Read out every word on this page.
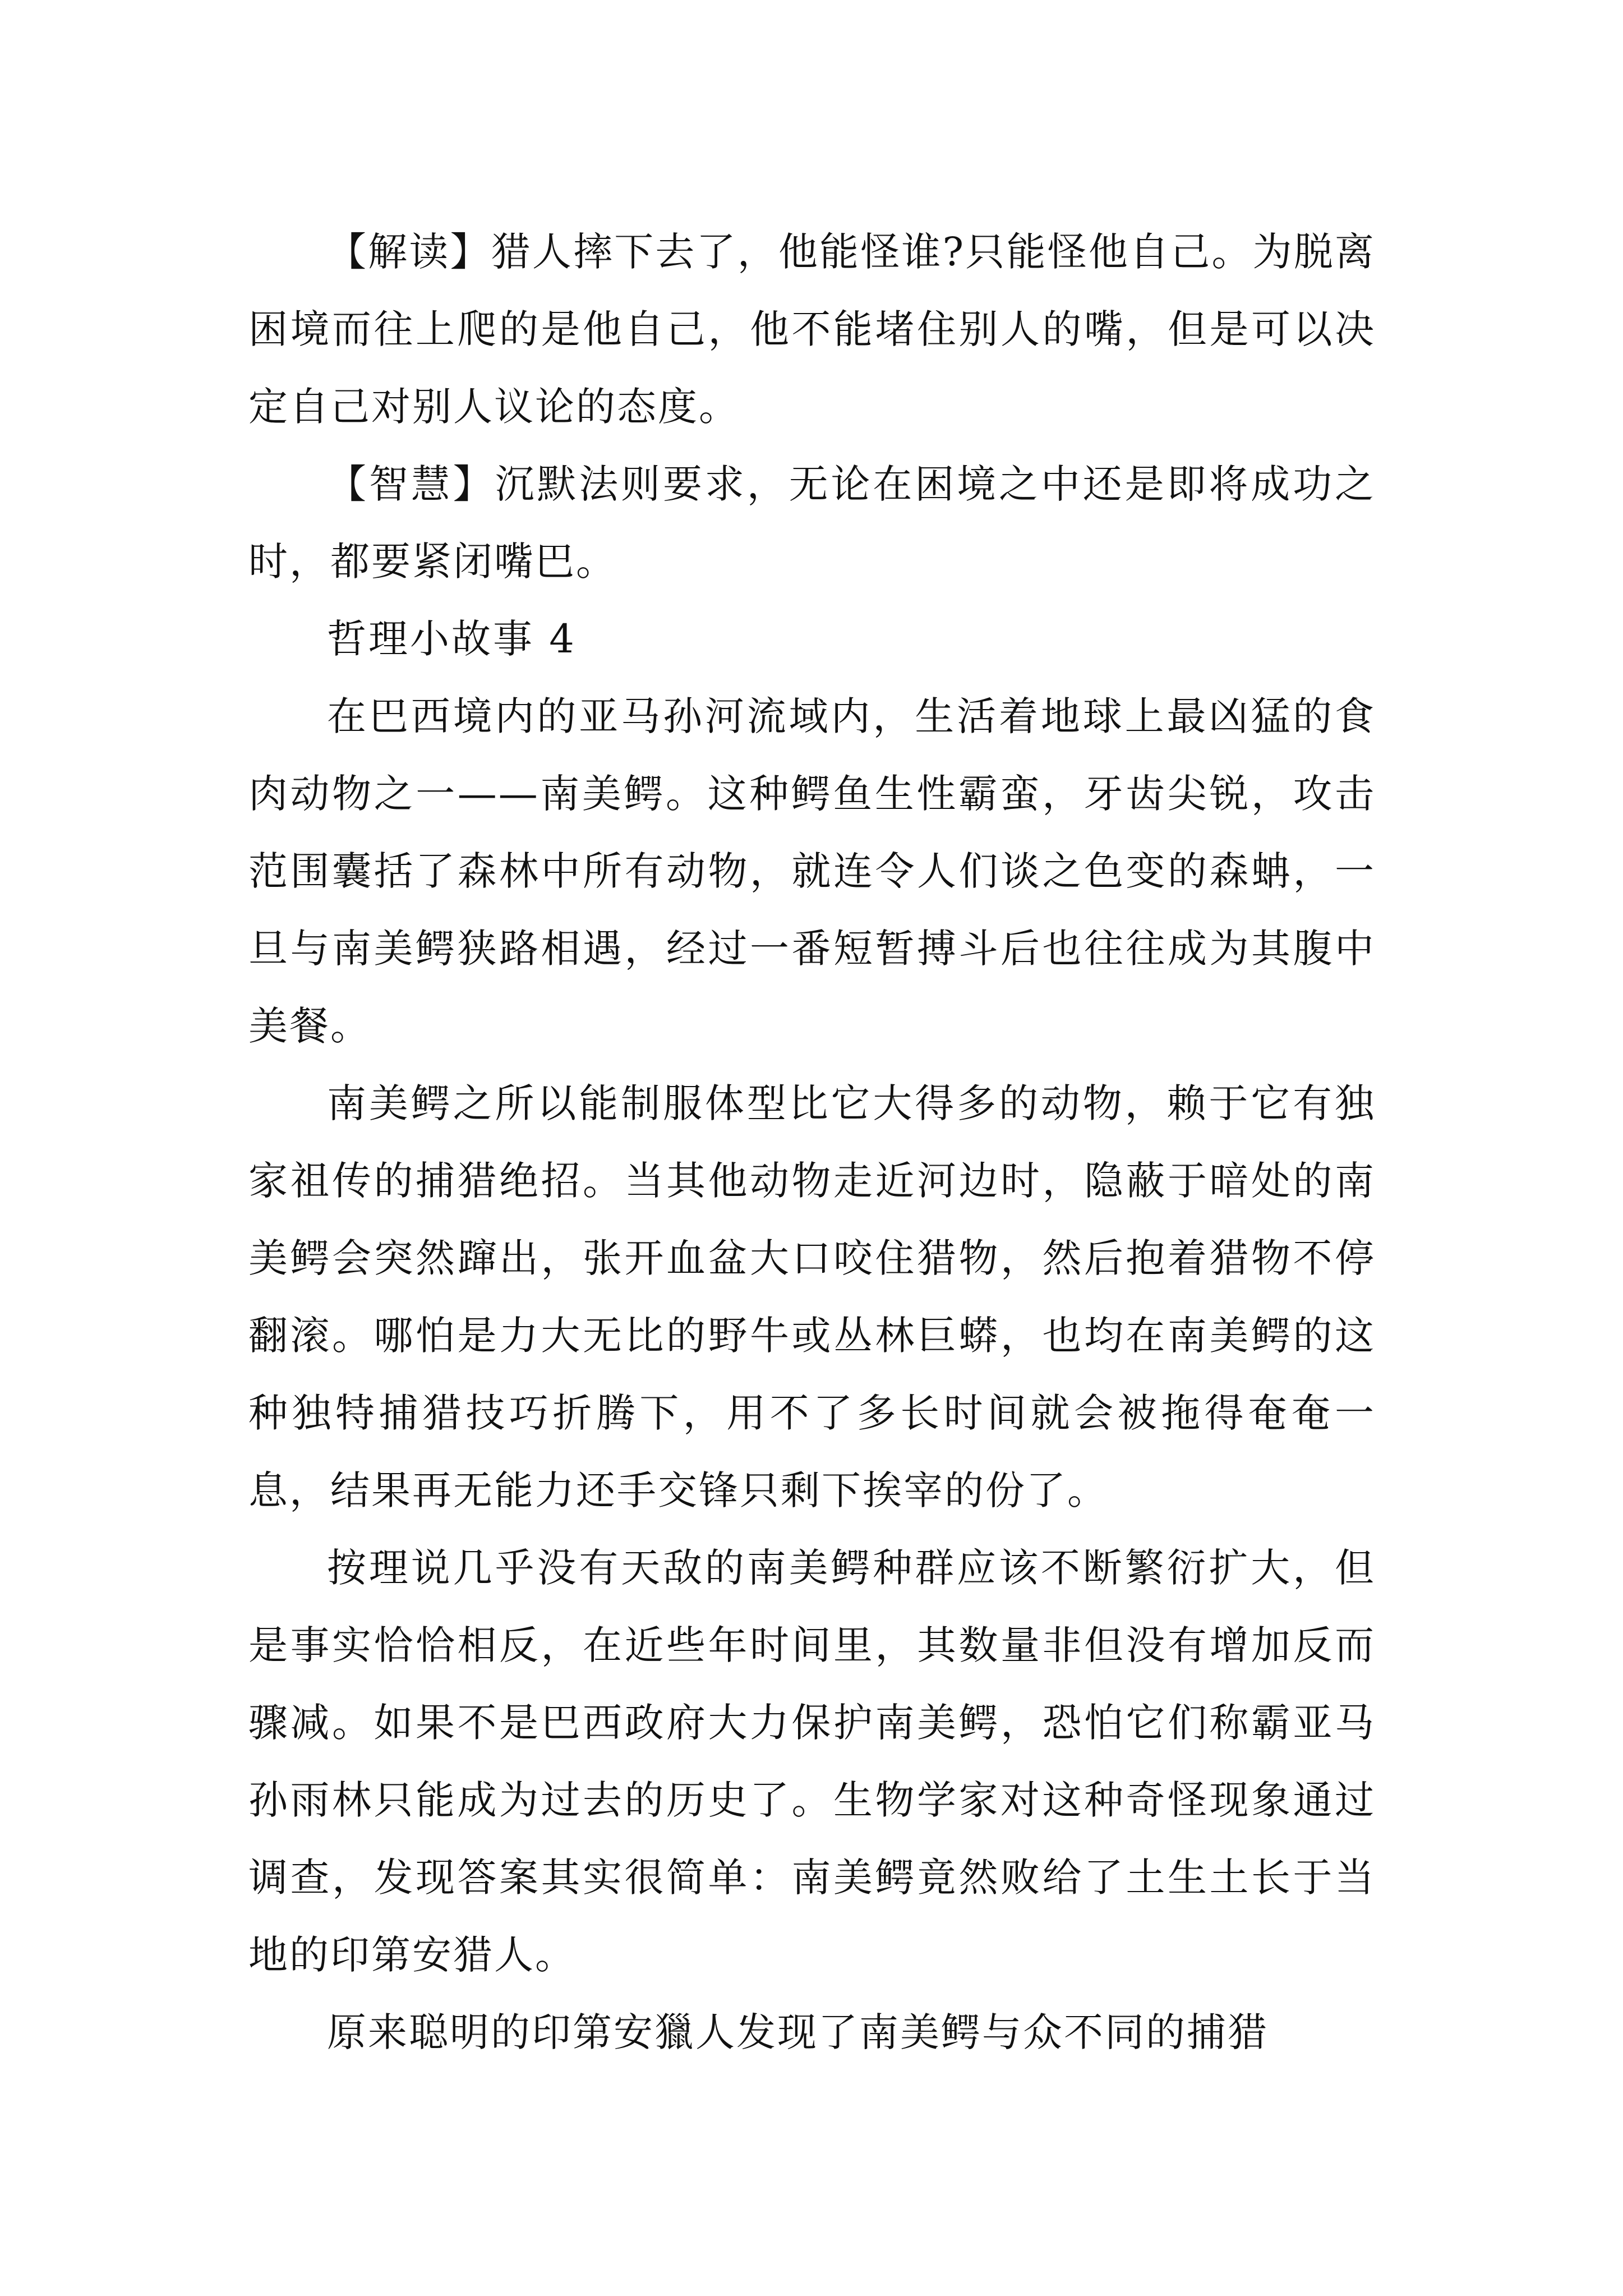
【解读】猎人摔下去了，他能怪谁?只能怪他自己。为脱离困境而往上爬的是他自己，他不能堵住别人的嘴，但是可以决定自己对别人议论的态度。

【智慧】沉默法则要求，无论在困境之中还是即将成功之时，都要紧闭嘴巴。

哲理小故事 4

在巴西境内的亚马孙河流域内，生活着地球上最凶猛的食肉动物之一——南美鳄。这种鳄鱼生性霸蛮，牙齿尖锐，攻击范围囊括了森林中所有动物，就连令人们谈之色变的森蚺，一旦与南美鳄狭路相遇，经过一番短暂搏斗后也往往成为其腹中美餐。

南美鳄之所以能制服体型比它大得多的动物，赖于它有独家祖传的捕猎绝招。当其他动物走近河边时，隐蔽于暗处的南美鳄会突然蹿出，张开血盆大口咬住猎物，然后抱着猎物不停翻滚。哪怕是力大无比的野牛或丛林巨蟒，也均在南美鳄的这种独特捕猎技巧折腾下，用不了多长时间就会被拖得奄奄一息，结果再无能力还手交锋只剩下挨宰的份了。

按理说几乎没有天敌的南美鳄种群应该不断繁衍扩大，但是事实恰恰相反，在近些年时间里，其数量非但没有增加反而骤减。如果不是巴西政府大力保护南美鳄，恐怕它们称霸亚马孙雨林只能成为过去的历史了。生物学家对这种奇怪现象通过调查，发现答案其实很简单：南美鳄竟然败给了土生土长于当地的印第安猎人。

原来聪明的印第安獵人发现了南美鳄与众不同的捕猎
